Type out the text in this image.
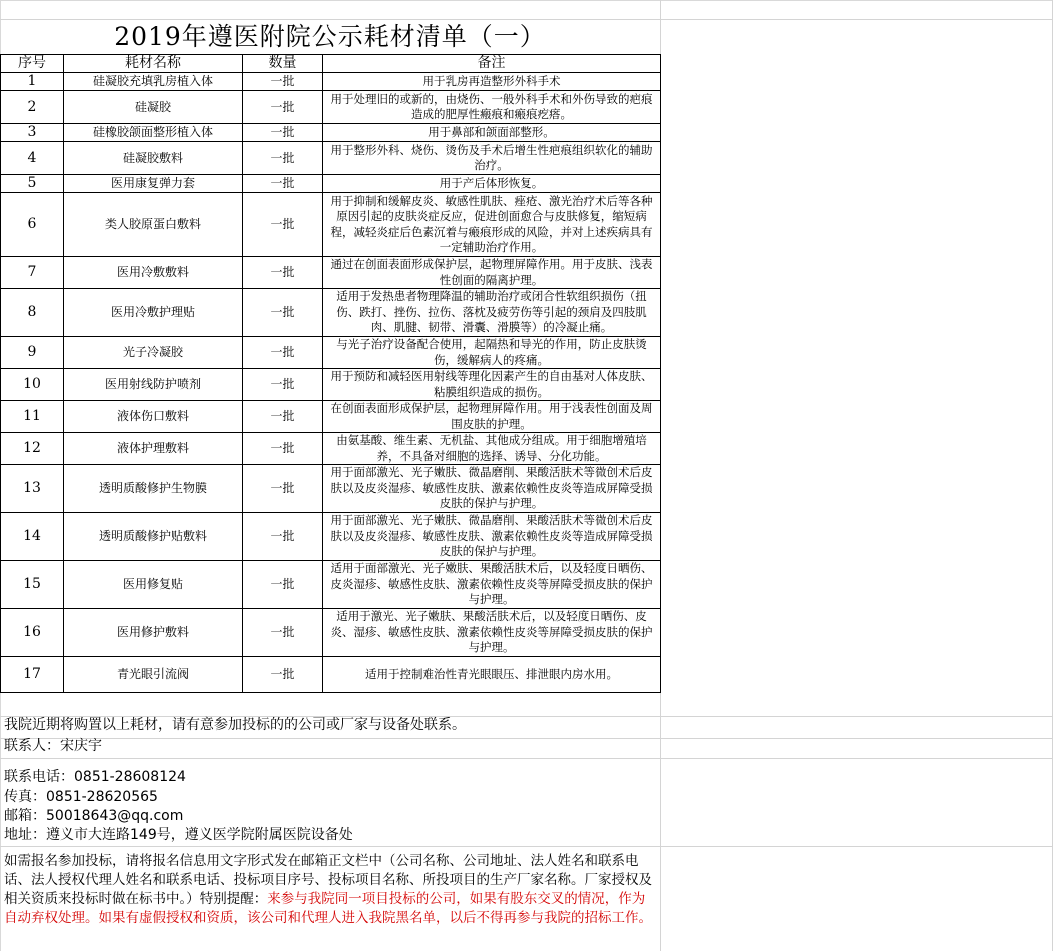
2019年遵医附院公示耗材清单（一）
序号	耗材名称	数量	备注
1	硅凝胶充填乳房植入体	一批	用于乳房再造整形外科手术
2	硅凝胶	一批	用于处理旧的或新的，由烧伤、一般外科手术和外伤导致的疤痕造成的肥厚性瘢痕和瘢痕疙瘩。
3	硅橡胶颌面整形植入体	一批	用于鼻部和颌面部整形。
4	硅凝胶敷料	一批	用于整形外科、烧伤、烫伤及手术后增生性疤痕组织软化的辅助治疗。
5	医用康复弹力套	一批	用于产后体形恢复。
6	类人胶原蛋白敷料	一批	用于抑制和缓解皮炎、敏感性肌肤、痤疮、激光治疗术后等各种原因引起的皮肤炎症反应，促进创面愈合与皮肤修复，缩短病程，减轻炎症后色素沉着与瘢痕形成的风险，并对上述疾病具有一定辅助治疗作用。
7	医用冷敷敷料	一批	通过在创面表面形成保护层，起物理屏障作用。用于皮肤、浅表性创面的隔离护理。
8	医用冷敷护理贴	一批	适用于发热患者物理降温的辅助治疗或闭合性软组织损伤（扭伤、跌打、挫伤、拉伤、落枕及疲劳伤等引起的颈肩及四肢肌肉、肌腱、韧带、滑囊、滑膜等）的冷凝止痛。
9	光子冷凝胶	一批	与光子治疗设备配合使用，起隔热和导光的作用，防止皮肤烫伤，缓解病人的疼痛。
10	医用射线防护喷剂	一批	用于预防和减轻医用射线等理化因素产生的自由基对人体皮肤、粘膜组织造成的损伤。
11	液体伤口敷料	一批	在创面表面形成保护层，起物理屏障作用。用于浅表性创面及周围皮肤的护理。
12	液体护理敷料	一批	由氨基酸、维生素、无机盐、其他成分组成。用于细胞增殖培养，不具备对细胞的选择、诱导、分化功能。
13	透明质酸修护生物膜	一批	用于面部激光、光子嫩肤、微晶磨削、果酸活肤术等微创术后皮肤以及皮炎湿疹、敏感性皮肤、激素依赖性皮炎等造成屏障受损皮肤的保护与护理。
14	透明质酸修护贴敷料	一批	用于面部激光、光子嫩肤、微晶磨削、果酸活肤术等微创术后皮肤以及皮炎湿疹、敏感性皮肤、激素依赖性皮炎等造成屏障受损皮肤的保护与护理。
15	医用修复贴	一批	适用于面部激光、光子嫩肤、果酸活肤术后，以及轻度日晒伤、皮炎湿疹、敏感性皮肤、激素依赖性皮炎等屏障受损皮肤的保护与护理。
16	医用修护敷料	一批	适用于激光、光子嫩肤、果酸活肤术后，以及轻度日晒伤、皮炎、湿疹、敏感性皮肤、激素依赖性皮炎等屏障受损皮肤的保护与护理。
17	青光眼引流阀	一批	适用于控制难治性青光眼眼压、排泄眼内房水用。
我院近期将购置以上耗材，请有意参加投标的的公司或厂家与设备处联系。
联系人：宋庆宇
联系电话：0851-28608124
传真：0851-28620565
邮箱：50018643@qq.com
地址：遵义市大连路149号，遵义医学院附属医院设备处
如需报名参加投标，请将报名信息用文字形式发在邮箱正文栏中（公司名称、公司地址、法人姓名和联系电话、法人授权代理人姓名和联系电话、投标项目序号、投标项目名称、所投项目的生产厂家名称。厂家授权及相关资质来投标时做在标书中。）特别提醒：来参与我院同一项目投标的公司，如果有股东交叉的情况，作为自动弃权处理。如果有虚假授权和资质，该公司和代理人进入我院黑名单，以后不得再参与我院的招标工作。
